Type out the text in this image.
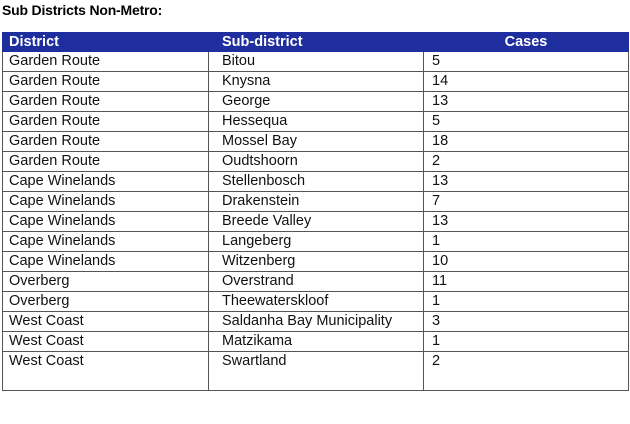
Sub Districts Non-Metro:
District	Sub-district	Cases
Garden Route	Bitou	5
Garden Route	Knysna	14
Garden Route	George	13
Garden Route	Hessequa	5
Garden Route	Mossel Bay	18
Garden Route	Oudtshoorn	2
Cape Winelands	Stellenbosch	13
Cape Winelands	Drakenstein	7
Cape Winelands	Breede Valley	13
Cape Winelands	Langeberg	1
Cape Winelands	Witzenberg	10
Overberg	Overstrand	11
Overberg	Theewaterskloof	1
West Coast	Saldanha Bay Municipality	3
West Coast	Matzikama	1
West Coast	Swartland	2
